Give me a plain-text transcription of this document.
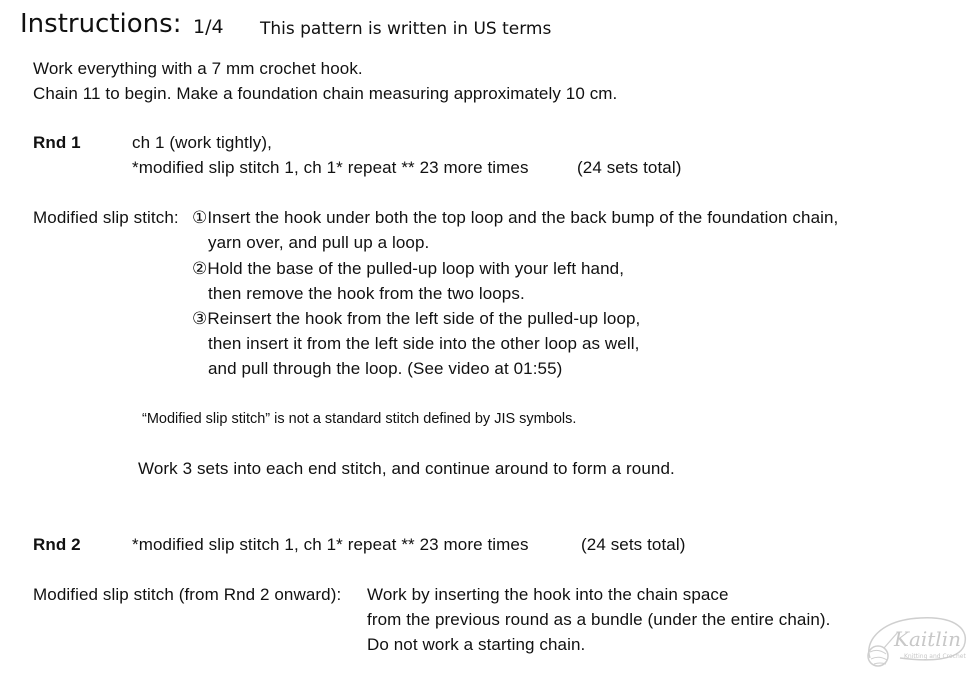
Instructions: 1/4 This pattern is written in US terms
Work everything with a 7 mm crochet hook.
Chain 11 to begin. Make a foundation chain measuring approximately 10 cm.
Rnd 1	ch 1 (work tightly),
*modified slip stitch 1, ch 1* repeat ** 23 more times	(24 sets total)
Modified slip stitch: ①Insert the hook under both the top loop and the back bump of the foundation chain,
yarn over, and pull up a loop.
②Hold the base of the pulled-up loop with your left hand,
then remove the hook from the two loops.
③Reinsert the hook from the left side of the pulled-up loop,
then insert it from the left side into the other loop as well,
and pull through the loop. (See video at 01:55)
“Modified slip stitch” is not a standard stitch defined by JIS symbols.
Work 3 sets into each end stitch, and continue around to form a round.
Rnd 2	*modified slip stitch 1, ch 1* repeat ** 23 more times	(24 sets total)
Modified slip stitch (from Rnd 2 onward): Work by inserting the hook into the chain space
from the previous round as a bundle (under the entire chain).
Do not work a starting chain.	Kaitlin
Knitting and Crochet
